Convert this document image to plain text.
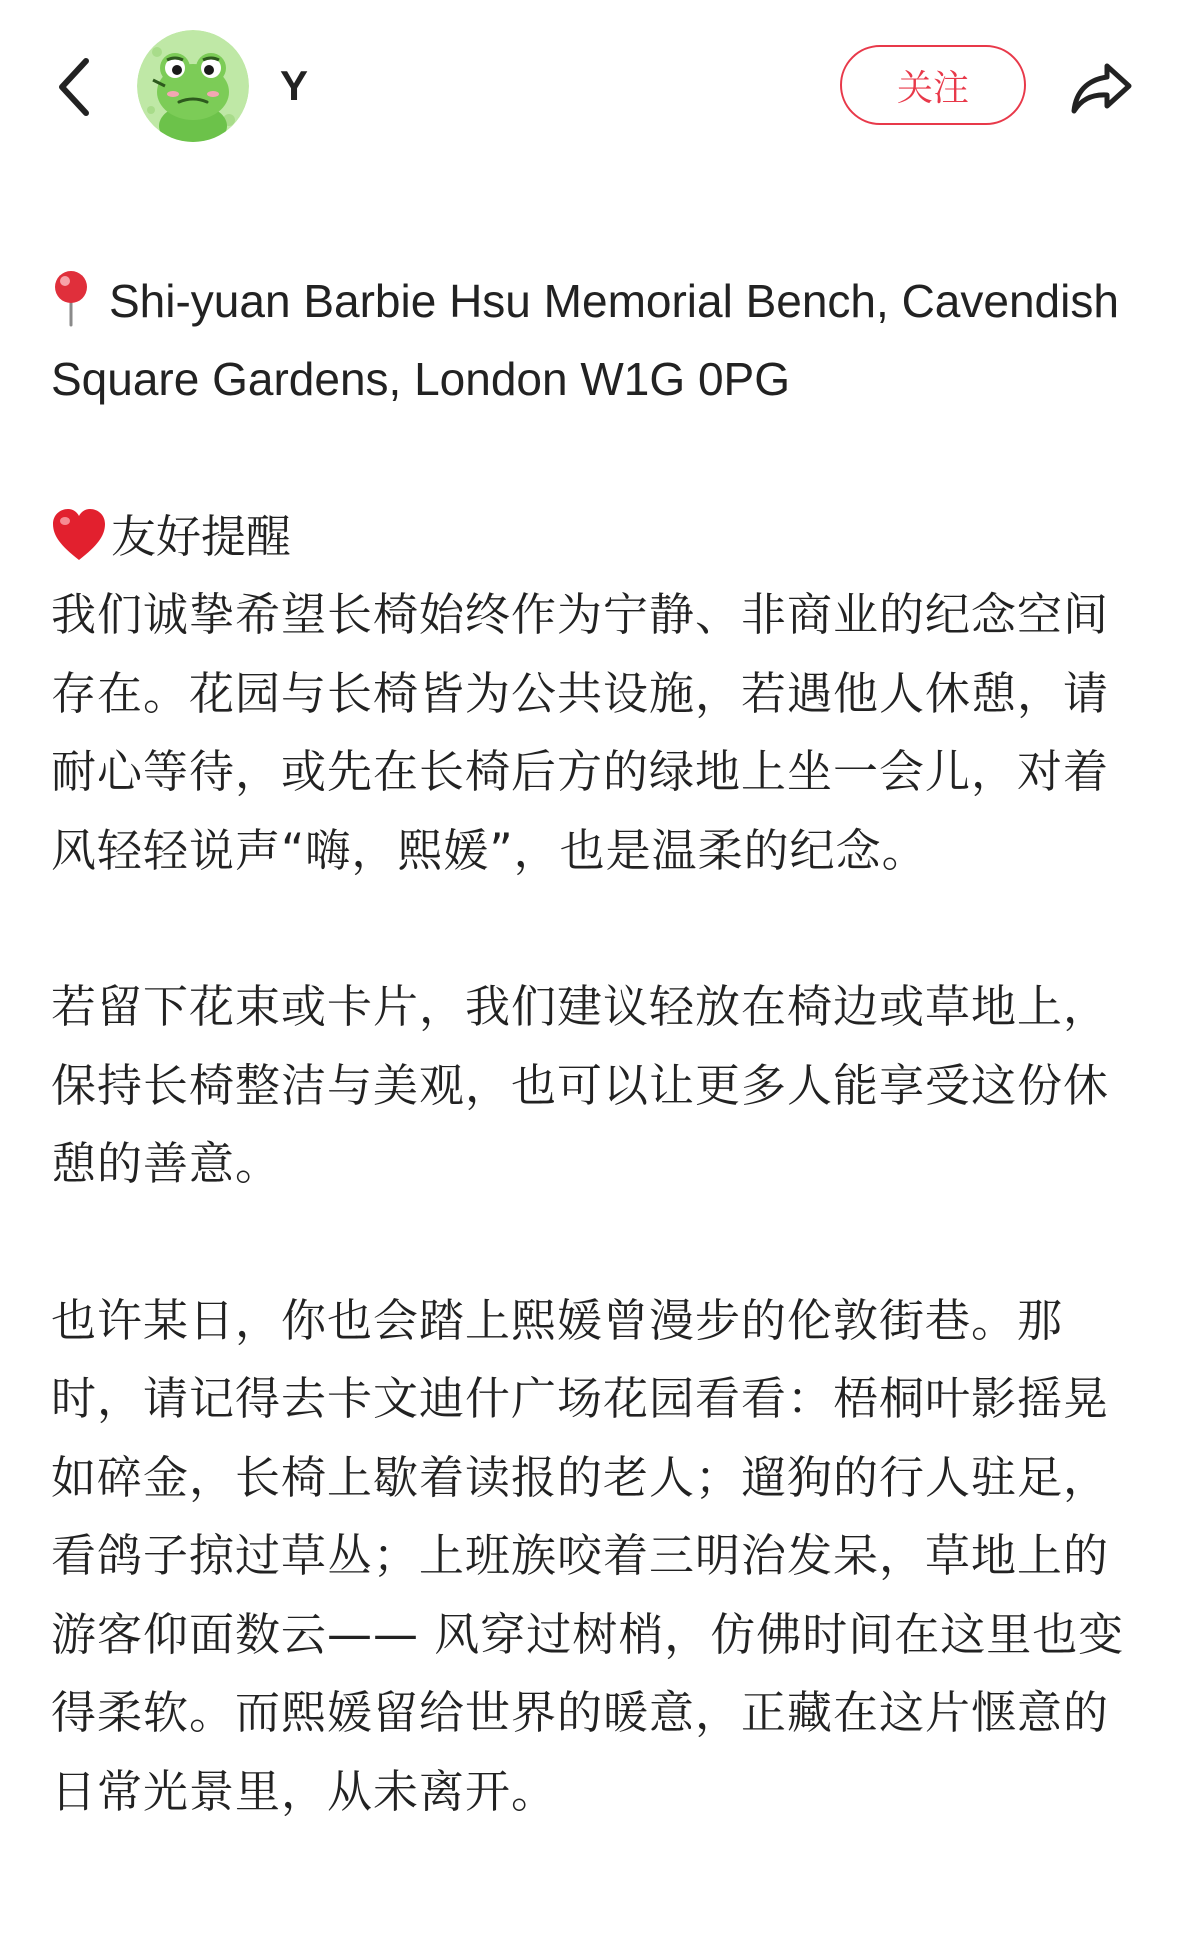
Y	关注

Shi-yuan Barbie Hsu Memorial Bench, Cavendish Square Gardens, London W1G 0PG

友好提醒

我们诚挚希望长椅始终作为宁静、非商业的纪念空间存在。花园与长椅皆为公共设施，若遇他人休憩，请耐心等待，或先在长椅后方的绿地上坐一会儿，对着风轻轻说声“嗨，熙媛”，也是温柔的纪念。

若留下花束或卡片，我们建议轻放在椅边或草地上，保持长椅整洁与美观，也可以让更多人能享受这份休憩的善意。

也许某日，你也会踏上熙媛曾漫步的伦敦街巷。那时，请记得去卡文迪什广场花园看看：梧桐叶影摇晃如碎金，长椅上歇着读报的老人；遛狗的行人驻足，看鸽子掠过草丛；上班族咬着三明治发呆，草地上的游客仰面数云—— 风穿过树梢，仿佛时间在这里也变得柔软。而熙媛留给世界的暖意，正藏在这片惬意的日常光景里，从未离开。
